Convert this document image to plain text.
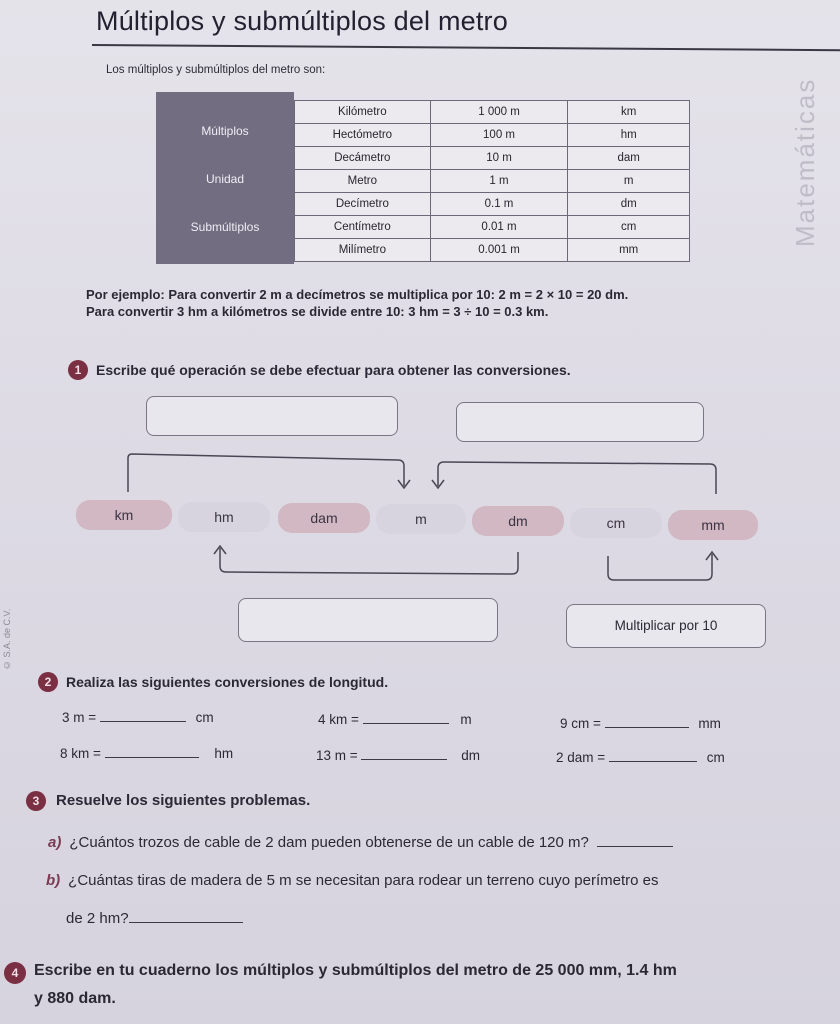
Múltiplos y submúltiplos del metro
Los múltiplos y submúltiplos del metro son:
Matemáticas
© S.A. de C.V.
Múltiplos
Unidad
Submúltiplos
Kilómetro	1 000 m	km
Hectómetro	100 m	hm
Decámetro	10 m	dam
Metro	1 m	m
Decímetro	0.1 m	dm
Centímetro	0.01 m	cm
Milímetro	0.001 m	mm
Por ejemplo: Para convertir 2 m a decímetros se multiplica por 10: 2 m = 2 × 10 = 20 dm.
Para convertir 3 hm a kilómetros se divide entre 10: 3 hm = 3 ÷ 10 = 0.3 km.
1	Escribe qué operación se debe efectuar para obtener las conversiones.
Multiplicar por 10
km	hm	dam	m	dm	cm	mm
2	Realiza las siguientes conversiones de longitud.
3 m =	cm	4 km =	m	9 cm =	mm
8 km =	hm	13 m =	dm	2 dam =	cm
3	Resuelve los siguientes problemas.
a) ¿Cuántos trozos de cable de 2 dam pueden obtenerse de un cable de 120 m?
b) ¿Cuántas tiras de madera de 5 m se necesitan para rodear un terreno cuyo perímetro es
de 2 hm?
4 Escribe en tu cuaderno los múltiplos y submúltiplos del metro de 25 000 mm, 1.4 hm
y 880 dam.
